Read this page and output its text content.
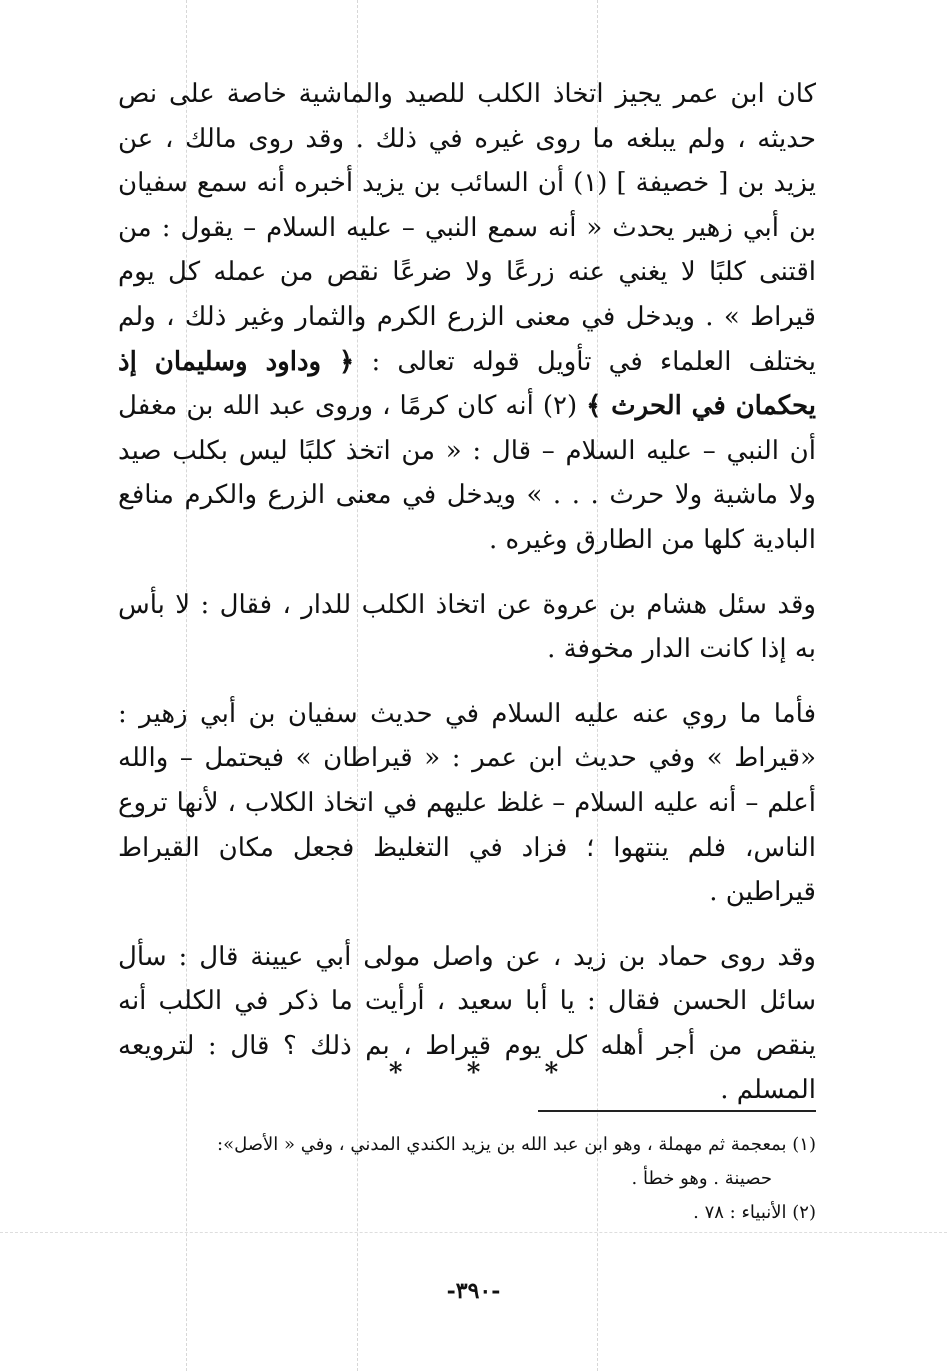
كان ابن عمر يجيز اتخاذ الكلب للصيد والماشية خاصة على نص حديثه ، ولم يبلغه ما روى غيره في ذلك . وقد روى مالك ، عن يزيد بن [ خصيفة ] (١) أن السائب بن يزيد أخبره أنه سمع سفيان بن أبي زهير يحدث « أنه سمع النبي – عليه السلام – يقول : من اقتنى كلبًا لا يغني عنه زرعًا ولا ضرعًا نقص من عمله كل يوم قيراط » . ويدخل في معنى الزرع الكرم والثمار وغير ذلك ، ولم يختلف العلماء في تأويل قوله تعالى : ﴿ وداود وسليمان إذ يحكمان في الحرث ﴾ (٢) أنه كان كرمًا ، وروى عبد الله بن مغفل أن النبي – عليه السلام – قال : « من اتخذ كلبًا ليس بكلب صيد ولا ماشية ولا حرث . . . » ويدخل في معنى الزرع والكرم منافع البادية كلها من الطارق وغيره .

وقد سئل هشام بن عروة عن اتخاذ الكلب للدار ، فقال : لا بأس به إذا كانت الدار مخوفة .

فأما ما روي عنه عليه السلام في حديث سفيان بن أبي زهير : «قيراط » وفي حديث ابن عمر : « قيراطان » فيحتمل – والله أعلم – أنه عليه السلام – غلظ عليهم في اتخاذ الكلاب ، لأنها تروع الناس، فلم ينتهوا ؛ فزاد في التغليظ فجعل مكان القيراط قيراطين .

وقد روى حماد بن زيد ، عن واصل مولى أبي عيينة قال : سأل سائل الحسن فقال : يا أبا سعيد ، أرأيت ما ذكر في الكلب أنه ينقص من أجر أهله كل يوم قيراط ، بم ذلك ؟ قال : لترويعه المسلم .

* * *

(١) بمعجمة ثم مهملة ، وهو ابن عبد الله بن يزيد الكندي المدني ، وفي « الأصل»:

حصينة . وهو خطأ .

(٢) الأنبياء : ٧٨ .

-٣٩٠-
